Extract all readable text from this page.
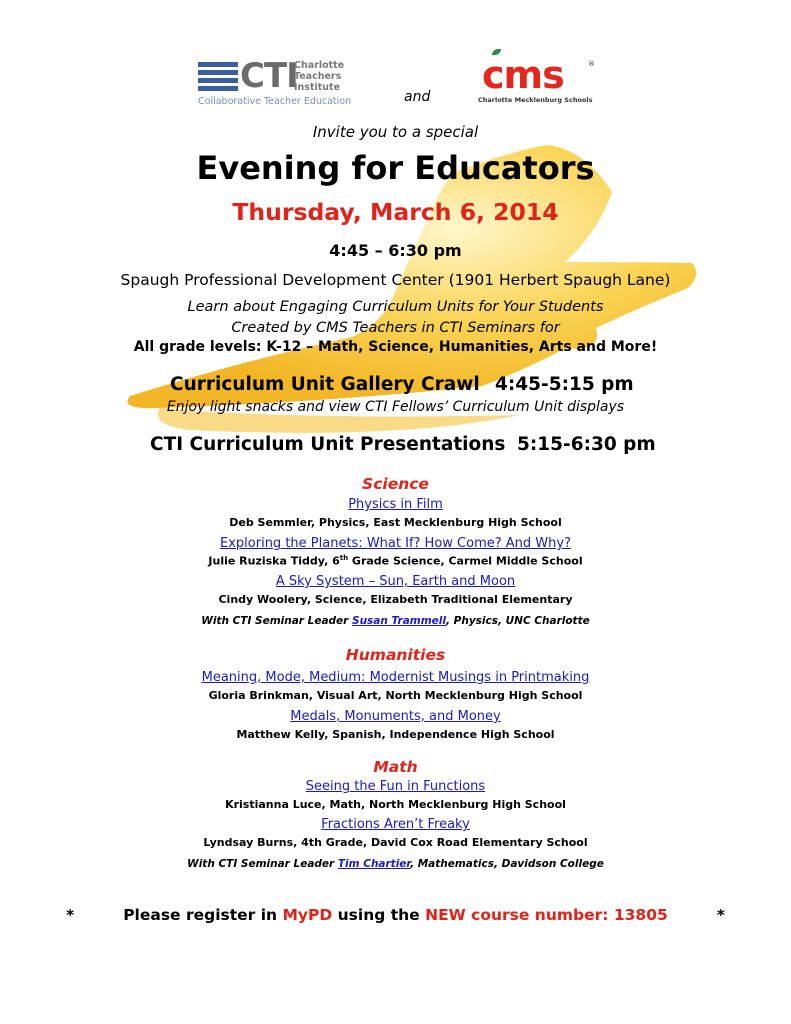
CTI
Charlotte
Teachers
Institute
Collaborative Teacher Education	and cms	®
Charlotte Mecklenburg Schools
Invite you to a special
Evening for Educators
Thursday, March 6, 2014
4:45 – 6:30 pm
Spaugh Professional Development Center (1901 Herbert Spaugh Lane)
Learn about Engaging Curriculum Units for Your Students
Created by CMS Teachers in CTI Seminars for
All grade levels: K-12 – Math, Science, Humanities, Arts and More!
Curriculum Unit Gallery Crawl 4:45-5:15 pm
Enjoy light snacks and view CTI Fellows’ Curriculum Unit displays
CTI Curriculum Unit Presentations 5:15-6:30 pm
Science
Physics in Film
Deb Semmler, Physics, East Mecklenburg High School
Exploring the Planets: What If? How Come? And Why?
Julie Ruziska Tiddy, 6th Grade Science, Carmel Middle School
A Sky System – Sun, Earth and Moon
Cindy Woolery, Science, Elizabeth Traditional Elementary
With CTI Seminar Leader Susan Trammell, Physics, UNC Charlotte
Humanities
Meaning, Mode, Medium: Modernist Musings in Printmaking
Gloria Brinkman, Visual Art, North Mecklenburg High School
Medals, Monuments, and Money
Matthew Kelly, Spanish, Independence High School
Math
Seeing the Fun in Functions
Kristianna Luce, Math, North Mecklenburg High School
Fractions Aren’t Freaky
Lyndsay Burns, 4th Grade, David Cox Road Elementary School
With CTI Seminar Leader Tim Chartier, Mathematics, Davidson College
*	Please register in MyPD using the NEW course number: 13805	*
